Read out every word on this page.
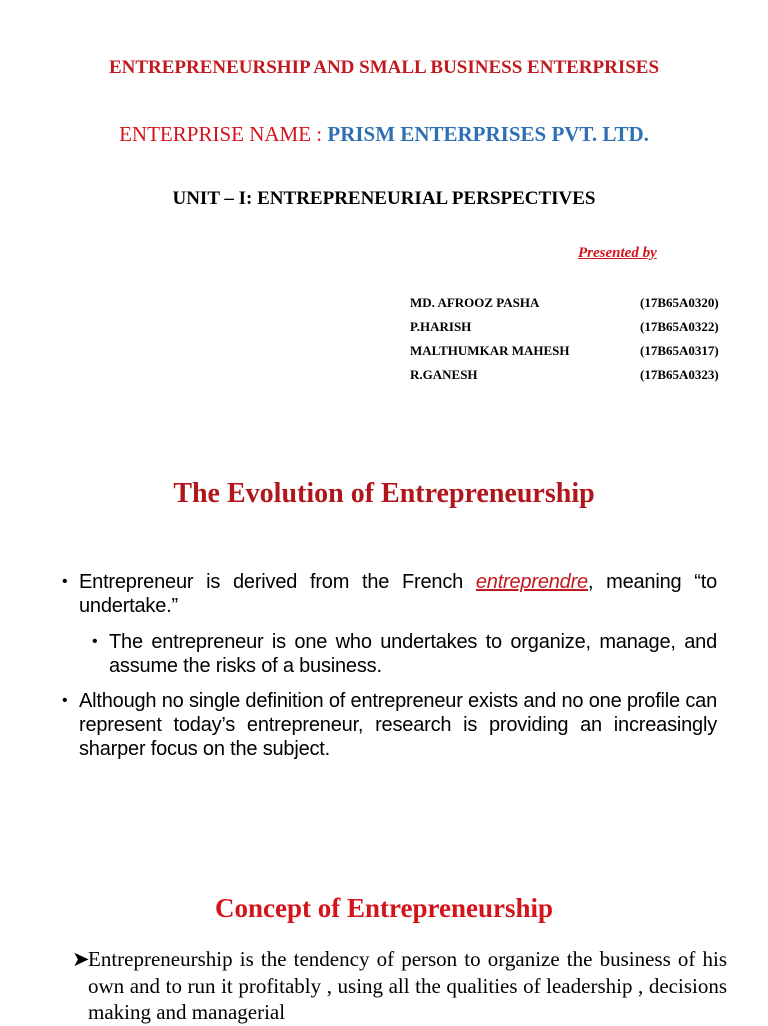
ENTREPRENEURSHIP AND SMALL BUSINESS ENTERPRISES
ENTERPRISE NAME : PRISM ENTERPRISES PVT. LTD.
UNIT – I: ENTREPRENEURIAL PERSPECTIVES
Presented by
MD. AFROOZ PASHA	(17B65A0320)
P.HARISH	(17B65A0322)
MALTHUMKAR MAHESH	(17B65A0317)
R.GANESH	(17B65A0323)
The Evolution of Entrepreneurship
• Entrepreneur is derived from the French entreprendre, meaning “to undertake.”
• The entrepreneur is one who undertakes to organize, manage, and assume the risks of a business.
• Although no single definition of entrepreneur exists and no one profile can represent today’s entrepreneur, research is providing an increasingly sharper focus on the subject.
Concept of Entrepreneurship
➤
Entrepreneurship is the tendency of person to organize the business of his own and to run it profitably , using all the qualities of leadership , decisions making and managerial
